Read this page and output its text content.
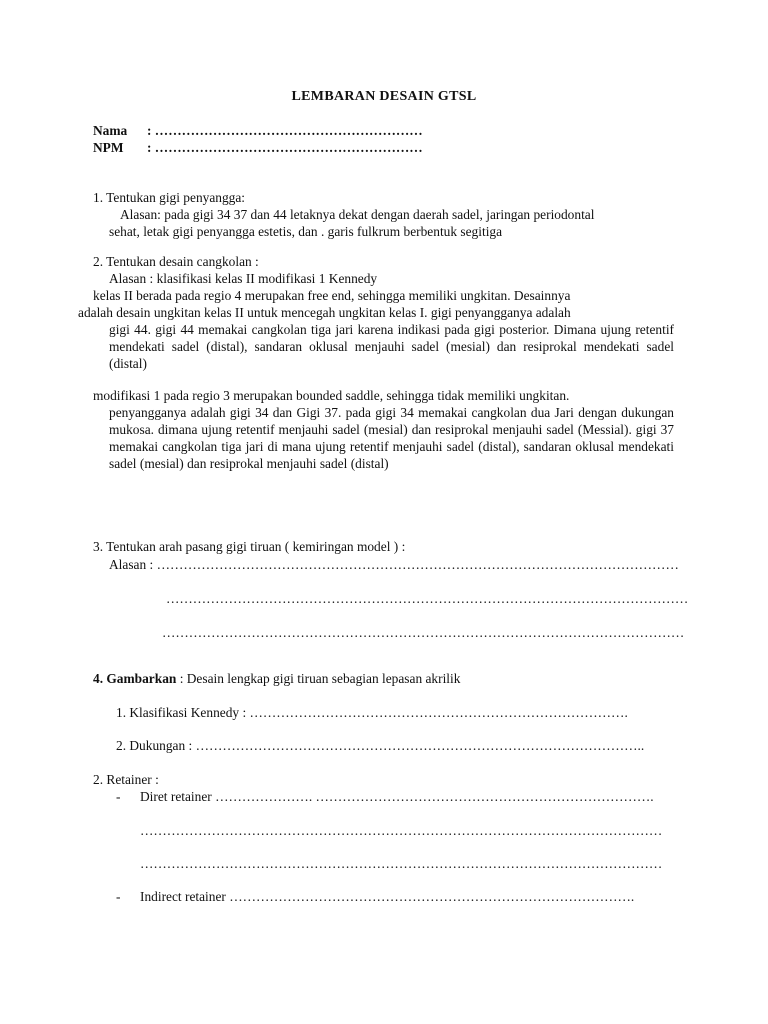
LEMBARAN DESAIN GTSL
Nama : ……………………………………………………
NPM : ……………………………………………………
1. Tentukan gigi penyangga:
Alasan: pada gigi 34 37 dan 44 letaknya dekat dengan daerah sadel, jaringan periodontal
sehat, letak gigi penyangga estetis, dan . garis fulkrum berbentuk segitiga
2. Tentukan desain cangkolan :
Alasan : klasifikasi kelas II modifikasi 1 Kennedy
kelas II berada pada regio 4 merupakan free end, sehingga memiliki ungkitan. Desainnya
adalah desain ungkitan kelas II untuk mencegah ungkitan kelas I. gigi penyangganya adalah
gigi 44. gigi 44 memakai cangkolan tiga jari karena indikasi pada gigi posterior. Dimana ujung retentif mendekati sadel (distal), sandaran oklusal menjauhi sadel (mesial) dan resiprokal mendekati sadel (distal)
modifikasi 1 pada regio 3 merupakan bounded saddle, sehingga tidak memiliki ungkitan.
penyangganya adalah gigi 34 dan Gigi 37. pada gigi 34 memakai cangkolan dua Jari dengan dukungan mukosa. dimana ujung retentif menjauhi sadel (mesial) dan resiprokal menjauhi sadel (Messial). gigi 37 memakai cangkolan tiga jari di mana ujung retentif menjauhi sadel (distal), sandaran oklusal mendekati sadel (mesial) dan resiprokal menjauhi sadel (distal)
3. Tentukan arah pasang gigi tiruan ( kemiringan model ) :
Alasan : ………………………………………………………………………………………………………
………………………………………………………………………………………………………
………………………………………………………………………………………………………
4. Gambarkan : Desain lengkap gigi tiruan sebagian lepasan akrilik
1. Klasifikasi Kennedy : ………………………………………………………………………….
2. Dukungan : ………………………………………………………………………………………..
2. Retainer :
- Diret retainer …………………. ………………………………………………………………….
………………………………………………………………………………………………………
………………………………………………………………………………………………………
- Indirect retainer ……………………………………………………………………………….
